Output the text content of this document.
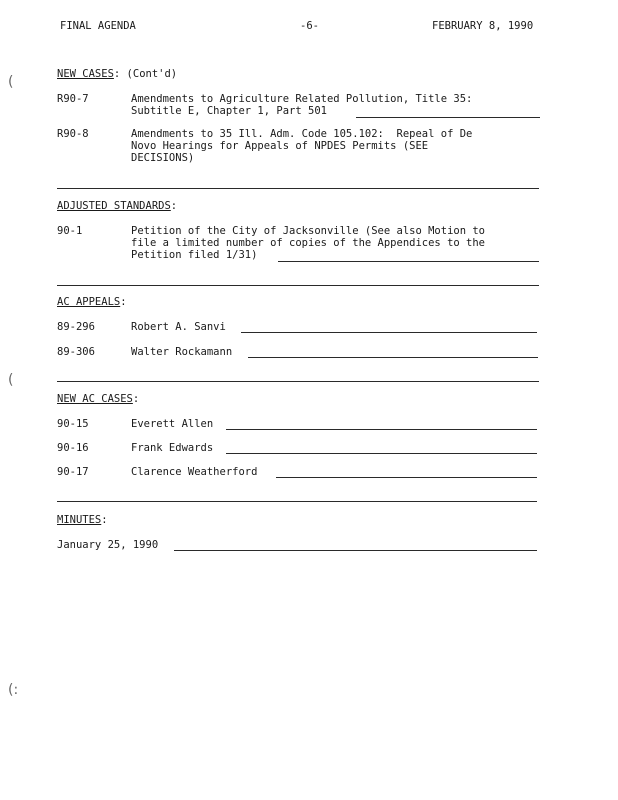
FINAL AGENDA	-6-	FEBRUARY 8, 1990
(
(
(:
NEW CASES: (Cont'd)
R90-7	Amendments to Agriculture Related Pollution, Title 35:
Subtitle E, Chapter 1, Part 501
R90-8	Amendments to 35 Ill. Adm. Code 105.102:  Repeal of De
Novo Hearings for Appeals of NPDES Permits (SEE
DECISIONS)
ADJUSTED STANDARDS:
90-1	Petition of the City of Jacksonville (See also Motion to
file a limited number of copies of the Appendices to the
Petition filed 1/31)
AC APPEALS:
89-296	Robert A. Sanvi
89-306	Walter Rockamann
NEW AC CASES:
90-15	Everett Allen
90-16	Frank Edwards
90-17	Clarence Weatherford
MINUTES:
January 25, 1990
